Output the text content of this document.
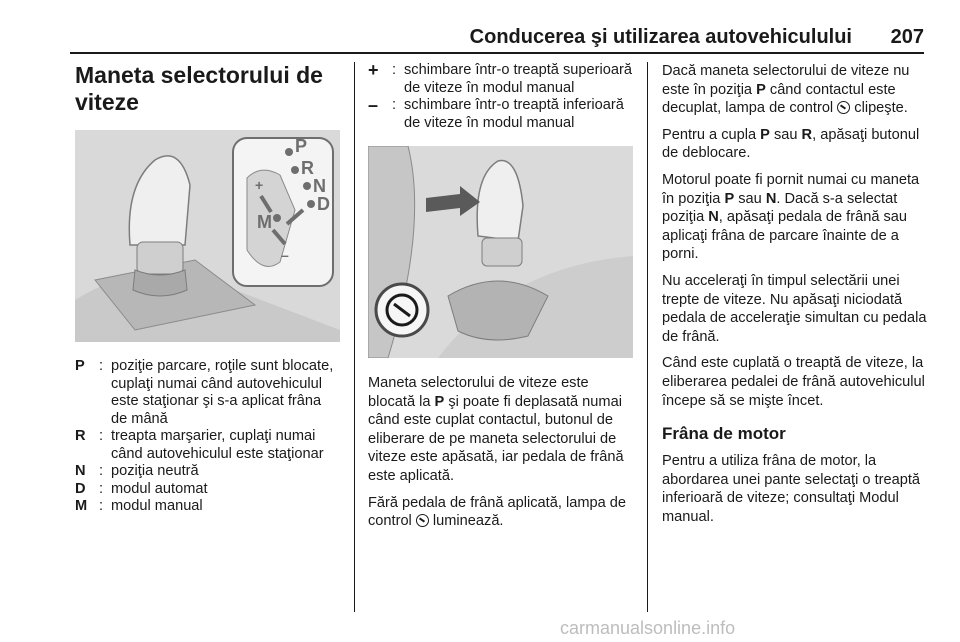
Conducerea şi utilizarea autovehiculului 207
Maneta selectorului de viteze
P
R
N
D
M
+
–
P : poziţie parcare, roţile sunt blocate, cuplaţi numai când autovehiculul este staţionar şi s-a aplicat frâna de mână
R : treapta marşarier, cuplaţi numai când autovehiculul este staţionar
N : poziţia neutră
D : modul automat
M : modul manual
+ : schimbare într-o treaptă superioară de viteze în modul manual
– : schimbare într-o treaptă inferioară de viteze în modul manual

Maneta selectorului de viteze este blocată la P şi poate fi deplasată numai când este cuplat contactul, butonul de eliberare de pe maneta selectorului de viteze este apăsată, iar pedala de frână este aplicată.

Fără pedala de frână aplicată, lampa de control  luminează.

Dacă maneta selectorului de viteze nu este în poziţia P când contactul este decuplat, lampa de control  clipeşte.

Pentru a cupla P sau R, apăsaţi butonul de deblocare.

Motorul poate fi pornit numai cu maneta în poziţia P sau N. Dacă s-a selectat poziţia N, apăsaţi pedala de frână sau aplicaţi frâna de parcare înainte de a porni.

Nu acceleraţi în timpul selectării unei trepte de viteze. Nu apăsaţi niciodată pedala de acceleraţie simultan cu pedala de frână.

Când este cuplată o treaptă de viteze, la eliberarea pedalei de frână autovehiculul începe să se mişte încet.

Frâna de motor

Pentru a utiliza frâna de motor, la abordarea unei pante selectaţi o treaptă inferioară de viteze; consultaţi Modul manual.

carmanualsonline.info
